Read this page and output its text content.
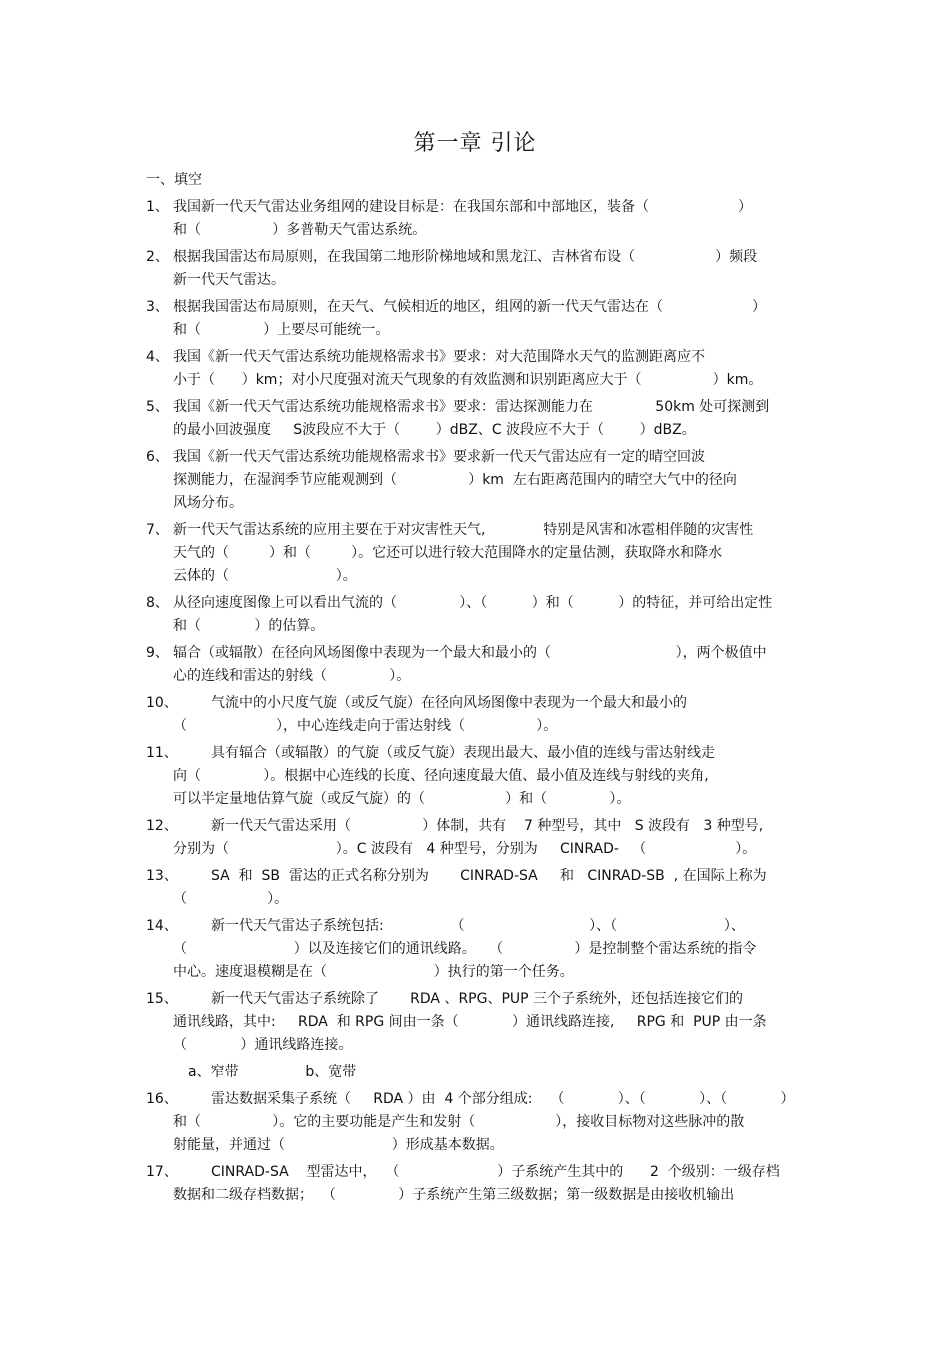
第一章 引论
一、填空
1、 我国新一代天气雷达业务组网的建设目标是：在我国东部和中部地区，装备（                    ）
和（                ）多普勒天气雷达系统。
2、 根据我国雷达布局原则，在我国第二地形阶梯地域和黑龙江、吉林省布设（                  ）频段
新一代天气雷达。
3、 根据我国雷达布局原则，在天气、气候相近的地区，组网的新一代天气雷达在（                    ）
和（              ）上要尽可能统一。
4、 我国《新一代天气雷达系统功能规格需求书》要求：对大范围降水天气的监测距离应不
小于（      ）km；对小尺度强对流天气现象的有效监测和识别距离应大于（                ）km。
5、 我国《新一代天气雷达系统功能规格需求书》要求：雷达探测能力在              50km 处可探测到
的最小回波强度     S波段应不大于（        ）dBZ、C 波段应不大于（        ）dBZ。
6、 我国《新一代天气雷达系统功能规格需求书》要求新一代天气雷达应有一定的晴空回波
探测能力，在湿润季节应能观测到（                ）km  左右距离范围内的晴空大气中的径向
风场分布。
7、 新一代天气雷达系统的应用主要在于对灾害性天气,             特别是风害和冰雹相伴随的灾害性
天气的（         ）和（         ）。它还可以进行较大范围降水的定量估测，获取降水和降水
云体的（                        ）。
8、 从径向速度图像上可以看出气流的（              ）、（          ）和（          ）的特征，并可给出定性
和（            ）的估算。
9、 辐合（或辐散）在径向风场图像中表现为一个最大和最小的（                            ），两个极值中
心的连线和雷达的射线（              ）。
10、	气流中的小尺度气旋（或反气旋）在径向风场图像中表现为一个最大和最小的
（                    ），中心连线走向于雷达射线（                ）。
11、	具有辐合（或辐散）的气旋（或反气旋）表现出最大、最小值的连线与雷达射线走
向（              ）。根据中心连线的长度、径向速度最大值、最小值及连线与射线的夹角,
可以半定量地估算气旋（或反气旋）的（                  ）和（              ）。
12、	新一代天气雷达采用（                ）体制，共有    7 种型号，其中   S 波段有   3 种型号,
分别为（                        ）。C 波段有   4 种型号，分别为     CINRAD-   （                    ）。
13、	SA  和  SB  雷达的正式名称分别为       CINRAD-SA     和   CINRAD-SB  , 在国际上称为
（                  ）。
14、	新一代天气雷达子系统包括:               （                            ）、（                        ）、
（                        ）以及连接它们的通讯线路。   （                ）是控制整个雷达系统的指令
中心。速度退模糊是在（                        ）执行的第一个任务。
15、	新一代天气雷达子系统除了       RDA 、RPG、PUP 三个子系统外，还包括连接它们的
通讯线路，其中:     RDA  和 RPG 间由一条（            ）通讯线路连接,     RPG 和  PUP 由一条
（            ）通讯线路连接。
a、窄带               b、宽带
16、	雷达数据采集子系统（     RDA ）由  4 个部分组成:    （            ）、（            ）、（            ）
和（                ）。它的主要功能是产生和发射（                  ），接收目标物对这些脉冲的散
射能量，并通过（                        ）形成基本数据。
17、	CINRAD-SA    型雷达中，  （                      ）子系统产生其中的      2  个级别：一级存档
数据和二级存档数据；  （              ）子系统产生第三级数据；第一级数据是由接收机输出
